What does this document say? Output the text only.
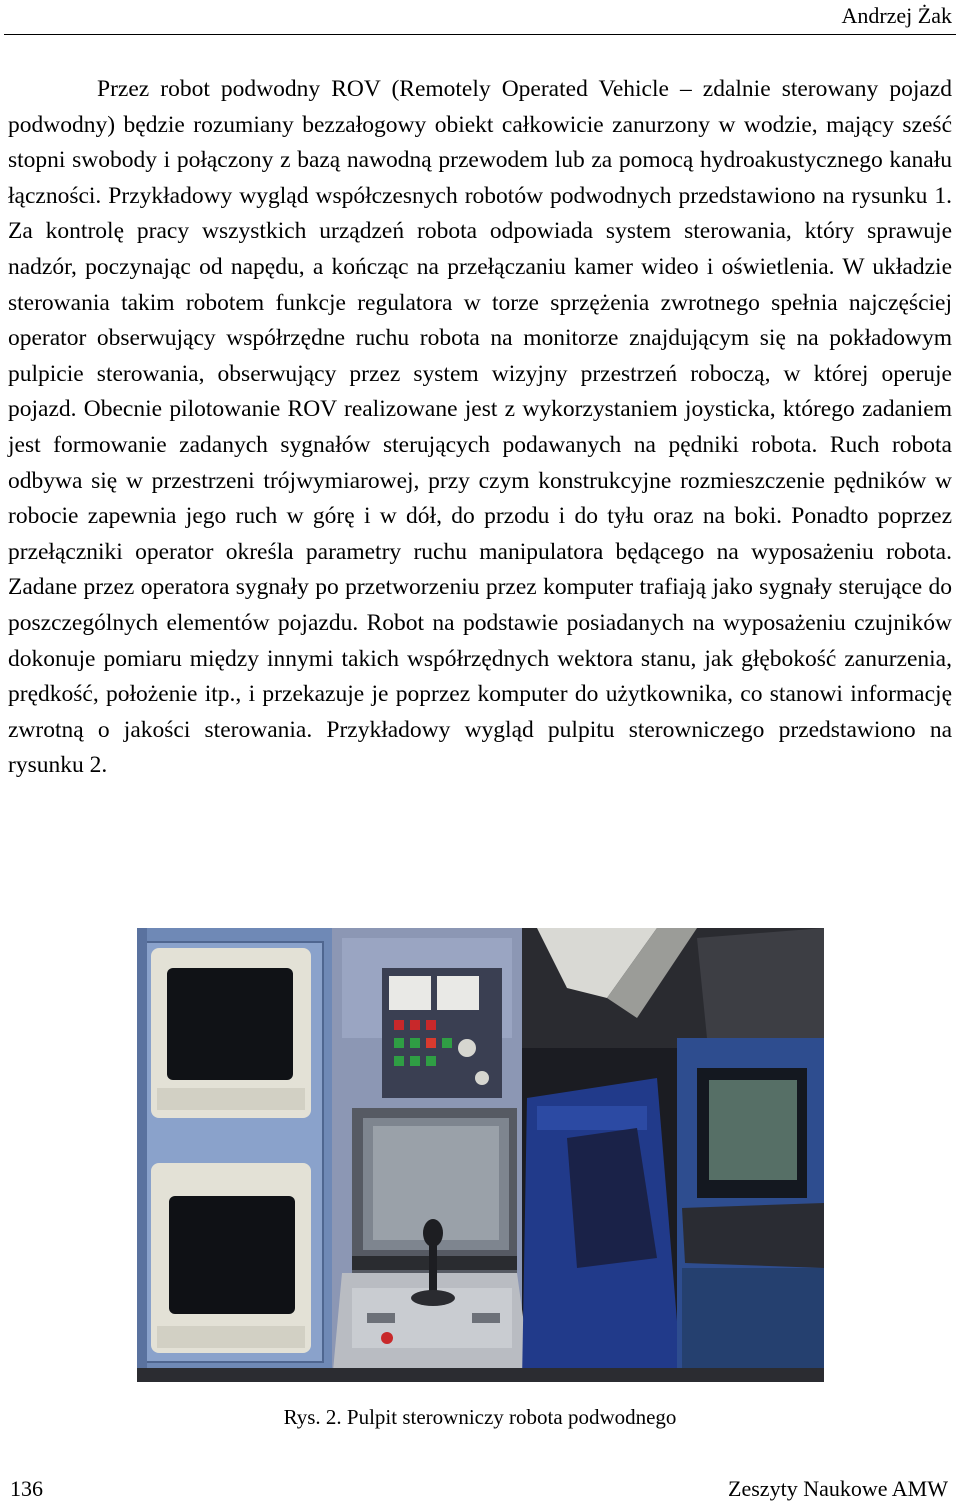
Andrzej Żak

Przez robot podwodny ROV (Remotely Operated Vehicle – zdalnie sterowany pojazd podwodny) będzie rozumiany bezzałogowy obiekt całkowicie zanurzony w wodzie, mający sześć stopni swobody i połączony z bazą nawodną przewodem lub za pomocą hydroakustycznego kanału łączności. Przykładowy wygląd współczesnych robotów podwodnych przedstawiono na rysunku 1. Za kontrolę pracy wszystkich urządzeń robota odpowiada system sterowania, który sprawuje nadzór, poczynając od napędu, a kończąc na przełączaniu kamer wideo i oświetlenia. W układzie sterowania takim robotem funkcje regulatora w torze sprzężenia zwrotnego spełnia najczęściej operator obserwujący współrzędne ruchu robota na monitorze znajdującym się na pokładowym pulpicie sterowania, obserwujący przez system wizyjny przestrzeń roboczą, w której operuje pojazd. Obecnie pilotowanie ROV realizowane jest z wykorzystaniem joysticka, którego zadaniem jest formowanie zadanych sygnałów sterujących podawanych na pędniki robota. Ruch robota odbywa się w przestrzeni trójwymiarowej, przy czym konstrukcyjne rozmieszczenie pędników w robocie zapewnia jego ruch w górę i w dół, do przodu i do tyłu oraz na boki. Ponadto poprzez przełączniki operator określa parametry ruchu manipulatora będącego na wyposażeniu robota. Zadane przez operatora sygnały po przetworzeniu przez komputer trafiają jako sygnały sterujące do poszczególnych elementów pojazdu. Robot na podstawie posiadanych na wyposażeniu czujników dokonuje pomiaru między innymi takich współrzędnych wektora stanu, jak głębokość zanurzenia, prędkość, położenie itp., i przekazuje je poprzez komputer do użytkownika, co stanowi informację zwrotną o jakości sterowania. Przykładowy wygląd pulpitu sterowniczego przedstawiono na rysunku 2.

Rys. 2. Pulpit sterowniczy robota podwodnego
136	Zeszyty Naukowe AMW
